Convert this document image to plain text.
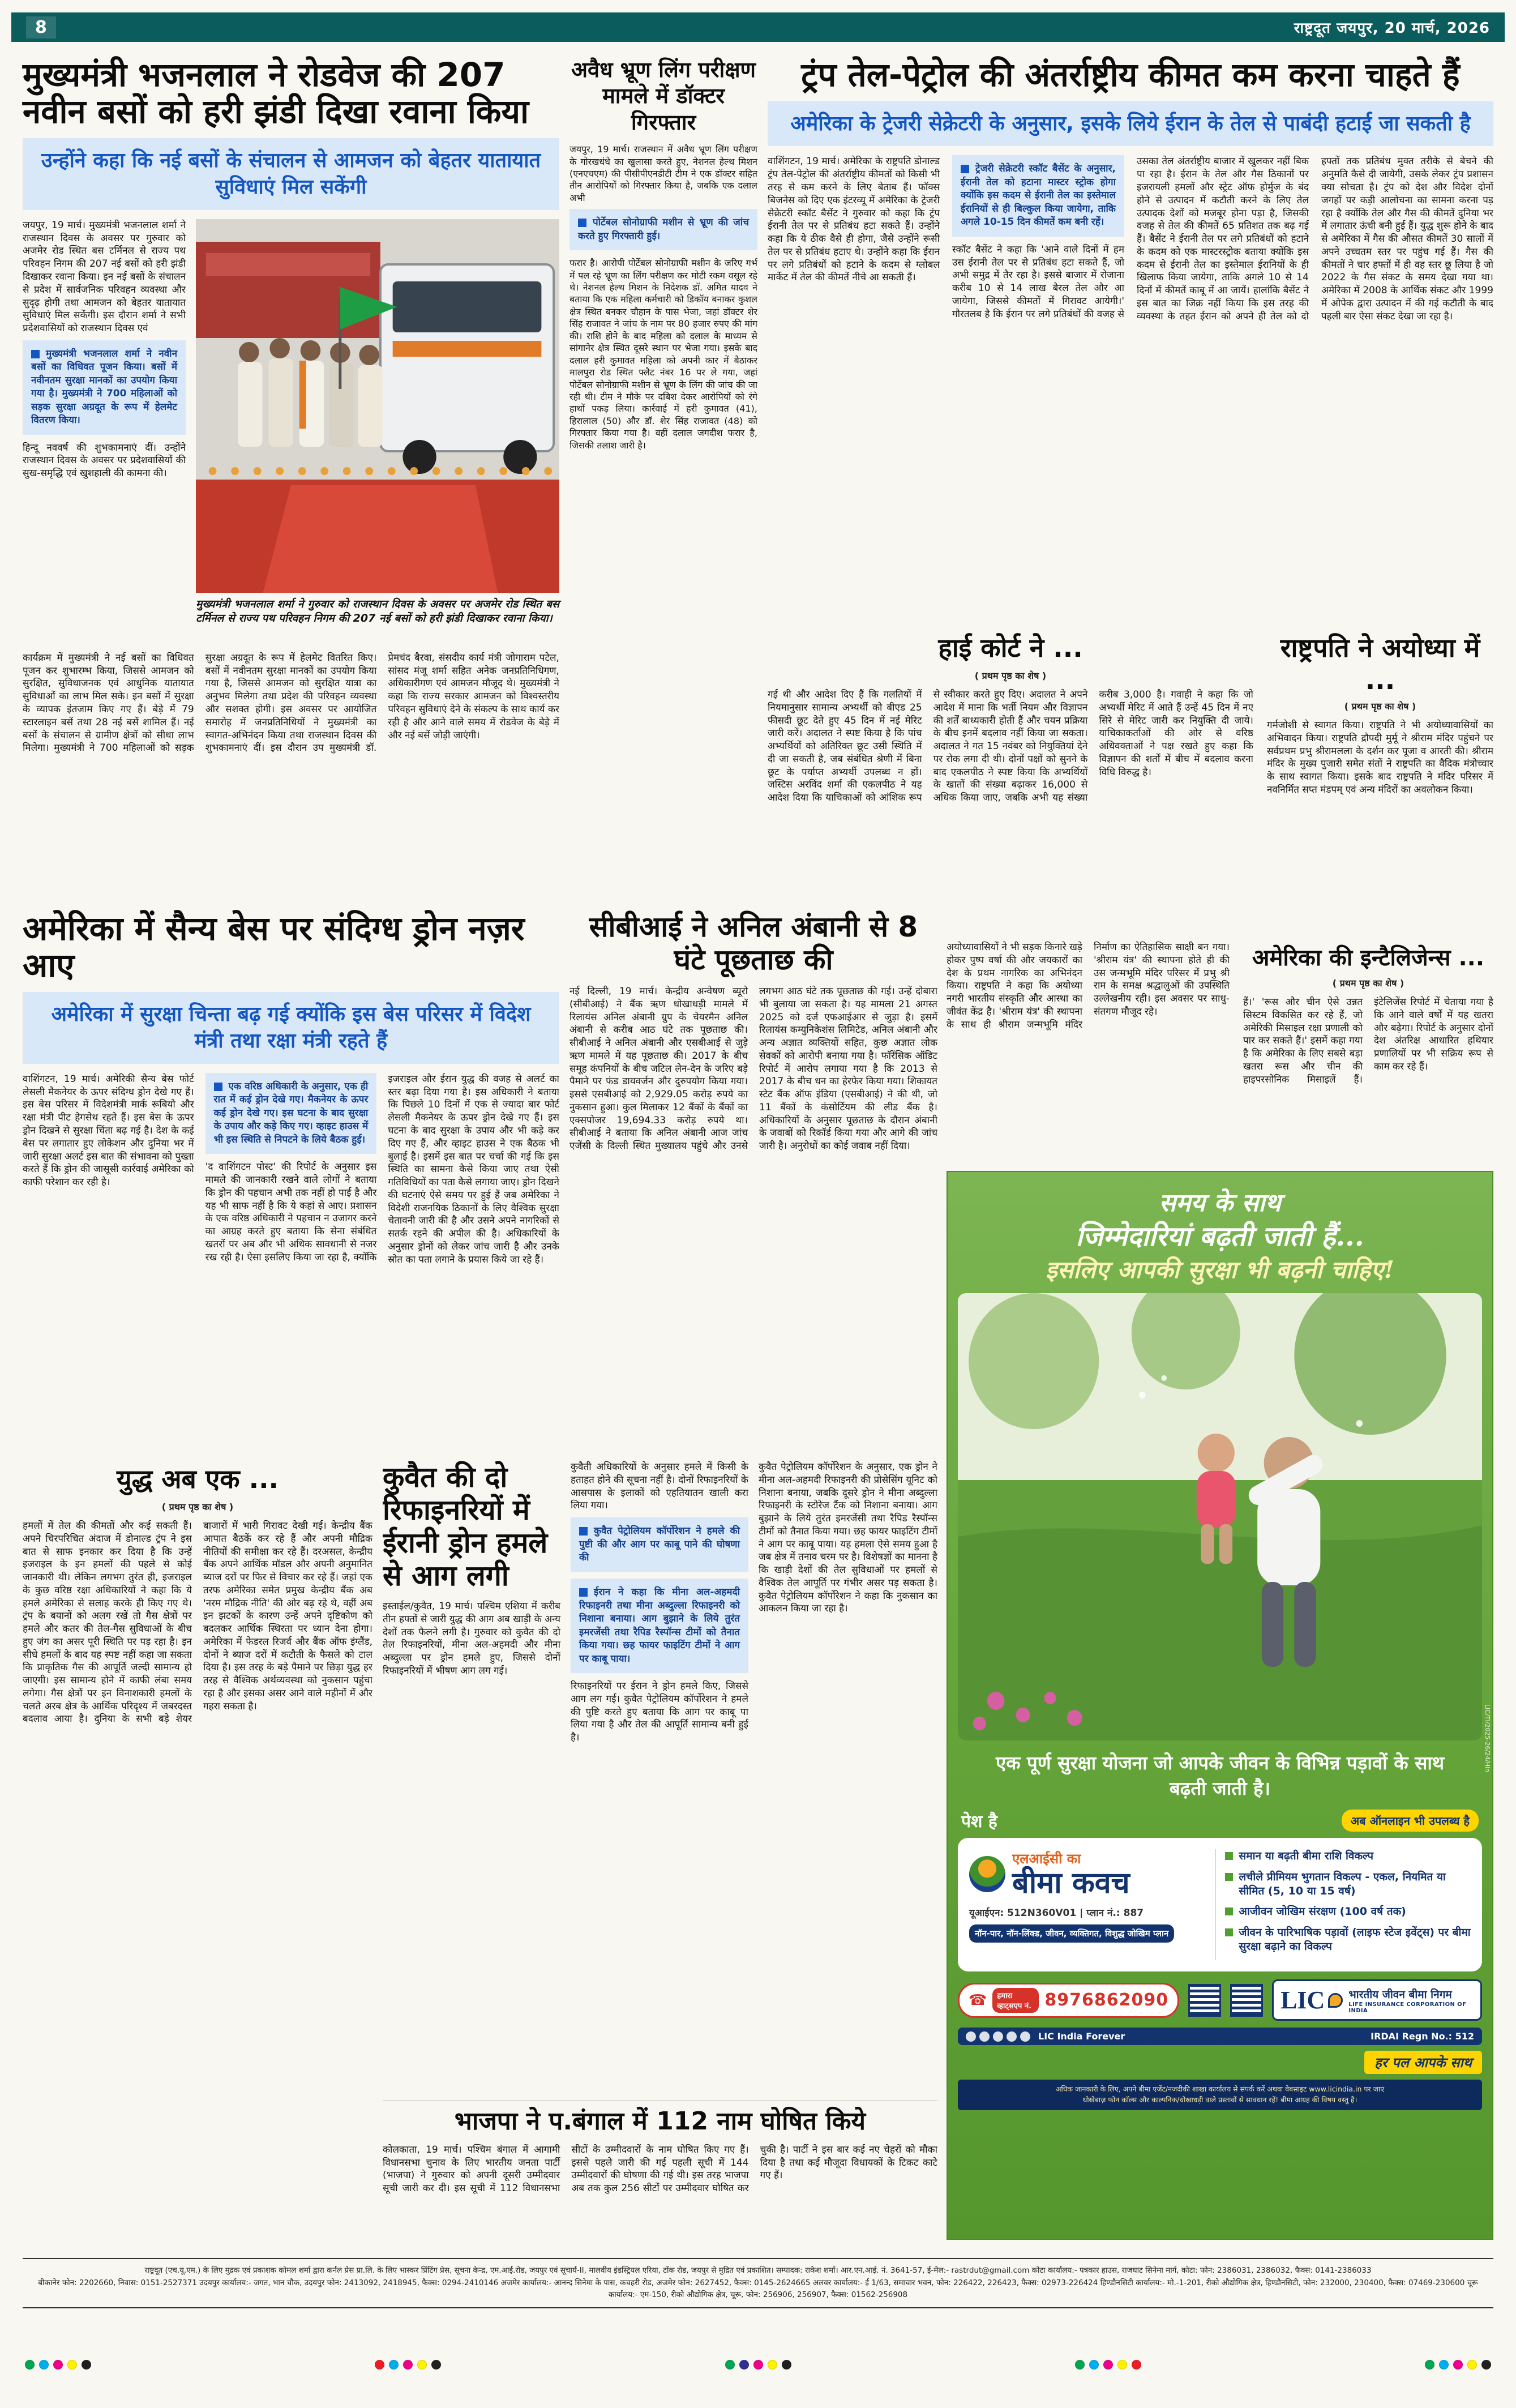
8	राष्ट्रदूत जयपुर, 20 मार्च, 2026
मुख्यमंत्री भजनलाल ने रोडवेज की 207 नवीन बसों को हरी झंडी दिखा रवाना किया
उन्होंने कहा कि नई बसों के संचालन से आमजन को बेहतर यातायात सुविधाएं मिल सकेंगी

जयपुर, 19 मार्च। मुख्यमंत्री भजनलाल शर्मा ने राजस्थान दिवस के अवसर पर गुरुवार को अजमेर रोड स्थित बस टर्मिनल से राज्य पथ परिवहन निगम की 207 नई बसों को हरी झंडी दिखाकर रवाना किया। इन नई बसों के संचालन से प्रदेश में सार्वजनिक परिवहन व्यवस्था और सुदृढ़ होगी तथा आमजन को बेहतर यातायात सुविधाएं मिल सकेंगी। इस दौरान शर्मा ने सभी प्रदेशवासियों को राजस्थान दिवस एवं

मुख्यमंत्री भजनलाल शर्मा ने नवीन बसों का विधिवत पूजन किया। बसों में नवीनतम सुरक्षा मानकों का उपयोग किया गया है। मुख्यमंत्री ने 700 महिलाओं को सड़क सुरक्षा अग्रदूत के रूप में हेलमेट वितरण किया।

हिन्दू नववर्ष की शुभकामनाएं दीं। उन्होंने राजस्थान दिवस के अवसर पर प्रदेशवासियों की सुख-समृद्धि एवं खुशहाली की कामना की।

मुख्यमंत्री भजनलाल शर्मा ने गुरुवार को राजस्थान दिवस के अवसर पर अजमेर रोड स्थित बस टर्मिनल से राज्य पथ परिवहन निगम की 207 नई बसों को हरी झंडी दिखाकर रवाना किया।
कार्यक्रम में मुख्यमंत्री ने नई बसों का विधिवत पूजन कर शुभारम्भ किया, जिससे आमजन को सुरक्षित, सुविधाजनक एवं आधुनिक यातायात सुविधाओं का लाभ मिल सके। इन बसों में सुरक्षा के व्यापक इंतजाम किए गए हैं। बेड़े में 79 स्टारलाइन बसें तथा 28 नई बसें शामिल हैं। नई बसों के संचालन से ग्रामीण क्षेत्रों को सीधा लाभ मिलेगा। मुख्यमंत्री ने 700 महिलाओं को सड़क सुरक्षा अग्रदूत के रूप में हेलमेट वितरित किए। बसों में नवीनतम सुरक्षा मानकों का उपयोग किया गया है, जिससे आमजन को सुरक्षित यात्रा का अनुभव मिलेगा तथा प्रदेश की परिवहन व्यवस्था और सशक्त होगी। इस अवसर पर आयोजित समारोह में जनप्रतिनिधियों ने मुख्यमंत्री का स्वागत-अभिनंदन किया तथा राजस्थान दिवस की शुभकामनाएं दीं। इस दौरान उप मुख्यमंत्री डॉ. प्रेमचंद बैरवा, संसदीय कार्य मंत्री जोगाराम पटेल, सांसद मंजू शर्मा सहित अनेक जनप्रतिनिधिगण, अधिकारीगण एवं आमजन मौजूद थे। मुख्यमंत्री ने कहा कि राज्य सरकार आमजन को विश्वस्तरीय परिवहन सुविधाएं देने के संकल्प के साथ कार्य कर रही है और आने वाले समय में रोडवेज के बेड़े में और नई बसें जोड़ी जाएंगी।
अवैध भ्रूण लिंग परीक्षण मामले में डॉक्टर गिरफ्तार

जयपुर, 19 मार्च। राजस्थान में अवैध भ्रूण लिंग परीक्षण के गोरखधंधे का खुलासा करते हुए, नेशनल हेल्थ मिशन (एनएचएम) की पीसीपीएनडीटी टीम ने एक डॉक्टर सहित तीन आरोपियों को गिरफ्तार किया है, जबकि एक दलाल अभी

पोर्टेबल सोनोग्राफी मशीन से भ्रूण की जांच करते हुए गिरफ्तारी हुई।

फरार है। आरोपी पोर्टेबल सोनोग्राफी मशीन के जरिए गर्भ में पल रहे भ्रूण का लिंग परीक्षण कर मोटी रकम वसूल रहे थे। नेशनल हेल्थ मिशन के निदेशक डॉ. अमित यादव ने बताया कि एक महिला कर्मचारी को डिकॉय बनाकर कुशल क्षेत्र स्थित बनकर चौहान के पास भेजा, जहां डॉक्टर शेर सिंह राजावत ने जांच के नाम पर 80 हजार रुपए की मांग की। राशि होने के बाद महिला को दलाल के माध्यम से सांगानेर क्षेत्र स्थित दूसरे स्थान पर भेजा गया। इसके बाद दलाल हरी कुमावत महिला को अपनी कार में बैठाकर मालपुरा रोड स्थित फ्लैट नंबर 16 पर ले गया, जहां पोर्टेबल सोनोग्राफी मशीन से भ्रूण के लिंग की जांच की जा रही थी। टीम ने मौके पर दबिश देकर आरोपियों को रंगे हाथों पकड़ लिया। कार्रवाई में हरी कुमावत (41), हिरालाल (50) और डॉ. शेर सिंह राजावत (48) को गिरफ्तार किया गया है। वहीं दलाल जगदीश फरार है, जिसकी तलाश जारी है।

ट्रंप तेल-पेट्रोल की अंतर्राष्ट्रीय कीमत कम करना चाहते हैं
अमेरिका के ट्रेजरी सेक्रेटरी के अनुसार, इसके लिये ईरान के तेल से पाबंदी हटाई जा सकती है

वाशिंगटन, 19 मार्च। अमेरिका के राष्ट्रपति डोनाल्ड ट्रंप तेल-पेट्रोल की अंतर्राष्ट्रीय कीमतों को किसी भी तरह से कम करने के लिए बेताब हैं। फॉक्स बिजनेस को दिए एक इंटरव्यू में अमेरिका के ट्रेजरी सेक्रेटरी स्कॉट बैसेंट ने गुरुवार को कहा कि ट्रंप ईरानी तेल पर से प्रतिबंध हटा सकते हैं। उन्होंने कहा कि ये ठीक वैसे ही होगा, जैसे उन्होंने रूसी तेल पर से प्रतिबंध हटाए थे। उन्होंने कहा कि ईरान पर लगे प्रतिबंधों को हटाने के कदम से ग्लोबल मार्केट में तेल की कीमतें नीचे आ सकती हैं।

ट्रेजरी सेक्रेटरी स्कॉट बैसेंट के अनुसार, ईरानी तेल को हटाना मास्टर स्ट्रोक होगा क्योंकि इस कदम से ईरानी तेल का इस्तेमाल ईरानियों से ही बिल्कुल किया जायेगा, ताकि अगले 10-15 दिन कीमतें कम बनी रहें।

स्कॉट बैसेंट ने कहा कि 'आने वाले दिनों में हम उस ईरानी तेल पर से प्रतिबंध हटा सकते हैं, जो अभी समुद्र में तैर रहा है। इससे बाजार में रोजाना करीब 10 से 14 लाख बैरल तेल और आ जायेगा, जिससे कीमतों में गिरावट आयेगी।' गौरतलब है कि ईरान पर लगे प्रतिबंधों की वजह से उसका तेल अंतर्राष्ट्रीय बाजार में खुलकर नहीं बिक पा रहा है। ईरान के तेल और गैस ठिकानों पर इजरायली हमलों और स्ट्रेट ऑफ होर्मुज के बंद होने से उत्पादन में कटौती करने के लिए तेल उत्पादक देशों को मजबूर होना पड़ा है, जिसकी वजह से तेल की कीमतें 65 प्रतिशत तक बढ़ गई हैं। बैसेंट ने ईरानी तेल पर लगे प्रतिबंधों को हटाने के कदम को एक मास्टरस्ट्रोक बताया क्योंकि इस कदम से ईरानी तेल का इस्तेमाल ईरानियों के ही खिलाफ किया जायेगा, ताकि अगले 10 से 14 दिनों में कीमतें काबू में आ जायें। हालांकि बैसेंट ने इस बात का जिक्र नहीं किया कि इस तरह की व्यवस्था के तहत ईरान को अपने ही तेल को दो हफ्तों तक प्रतिबंध मुक्त तरीके से बेचने की अनुमति कैसे दी जायेगी, उसके लेकर ट्रंप प्रशासन क्या सोचता है। ट्रंप को देश और विदेश दोनों जगहों पर कड़ी आलोचना का सामना करना पड़ रहा है क्योंकि तेल और गैस की कीमतें दुनिया भर में लगातार ऊंची बनी हुई हैं। युद्ध शुरू होने के बाद से अमेरिका में गैस की औसत कीमतें 30 सालों में अपने उच्चतम स्तर पर पहुंच गई हैं। गैस की कीमतों ने चार हफ्तों में ही वह स्तर छू लिया है जो 2022 के गैस संकट के समय देखा गया था। अमेरिका में 2008 के आर्थिक संकट और 1999 में ओपेक द्वारा उत्पादन में की गई कटौती के बाद पहली बार ऐसा संकट देखा जा रहा है।

हाई कोर्ट ने ...
( प्रथम पृष्ठ का शेष )
गई थी और आदेश दिए हैं कि गलतियों में नियमानुसार सामान्य अभ्यर्थी को बीएड 25 फीसदी छूट देते हुए 45 दिन में नई मेरिट जारी करें। अदालत ने स्पष्ट किया है कि पांच अभ्यर्थियों को अतिरिक्त छूट उसी स्थिति में दी जा सकती है, जब संबंधित श्रेणी में बिना छूट के पर्याप्त अभ्यर्थी उपलब्ध न हों। जस्टिस अरविंद शर्मा की एकलपीठ ने यह आदेश दिया कि याचिकाओं को आंशिक रूप से स्वीकार करते हुए दिए। अदालत ने अपने आदेश में माना कि भर्ती नियम और विज्ञापन की शर्तें बाध्यकारी होती हैं और चयन प्रक्रिया के बीच इनमें बदलाव नहीं किया जा सकता। अदालत ने गत 15 नवंबर को नियुक्तियां देने पर रोक लगा दी थी। दोनों पक्षों को सुनने के बाद एकलपीठ ने स्पष्ट किया कि अभ्यर्थियों के खातों की संख्या बढ़ाकर 16,000 से अधिक किया जाए, जबकि अभी यह संख्या करीब 3,000 है। गवाही ने कहा कि जो अभ्यर्थी मेरिट में आते हैं उन्हें 45 दिन में नए सिरे से मेरिट जारी कर नियुक्ति दी जाये। याचिकाकर्ताओं की ओर से वरिष्ठ अधिवक्ताओं ने पक्ष रखते हुए कहा कि विज्ञापन की शर्तों में बीच में बदलाव करना विधि विरुद्ध है।
राष्ट्रपति ने अयोध्या में ...
( प्रथम पृष्ठ का शेष )
गर्मजोशी से स्वागत किया। राष्ट्रपति ने भी अयोध्यावासियों का अभिवादन किया। राष्ट्रपति द्रौपदी मुर्मू ने श्रीराम मंदिर पहुंचने पर सर्वप्रथम प्रभु श्रीरामलला के दर्शन कर पूजा व आरती की। श्रीराम मंदिर के मुख्य पुजारी समेत संतों ने राष्ट्रपति का वैदिक मंत्रोच्चार के साथ स्वागत किया। इसके बाद राष्ट्रपति ने मंदिर परिसर में नवनिर्मित सप्त मंडपम् एवं अन्य मंदिरों का अवलोकन किया।
अयोध्यावासियों ने भी सड़क किनारे खड़े होकर पुष्प वर्षा की और जयकारों का देश के प्रथम नागरिक का अभिनंदन किया। राष्ट्रपति ने कहा कि अयोध्या नगरी भारतीय संस्कृति और आस्था का जीवंत केंद्र है। 'श्रीराम यंत्र' की स्थापना के साथ ही श्रीराम जन्मभूमि मंदिर निर्माण का ऐतिहासिक साक्षी बन गया। 'श्रीराम यंत्र' की स्थापना होते ही की उस जन्मभूमि मंदिर परिसर में प्रभु श्री राम के समक्ष श्रद्धालुओं की उपस्थिति उल्लेखनीय रही। इस अवसर पर साधु-संतगण मौजूद रहे।
अमेरिका की इन्टैलिजेन्स ...
( प्रथम पृष्ठ का शेष )
हैं।' 'रूस और चीन ऐसे उन्नत सिस्टम विकसित कर रहे हैं, जो अमेरिकी मिसाइल रक्षा प्रणाली को पार कर सकते हैं।' इसमें कहा गया है कि अमेरिका के लिए सबसे बड़ा खतरा रूस और चीन की हाइपरसोनिक मिसाइलें हैं। इंटेलिजेंस रिपोर्ट में चेताया गया है कि आने वाले वर्षों में यह खतरा और बढ़ेगा। रिपोर्ट के अनुसार दोनों देश अंतरिक्ष आधारित हथियार प्रणालियों पर भी सक्रिय रूप से काम कर रहे हैं।
अमेरिका में सैन्य बेस पर संदिग्ध ड्रोन नज़र आए
अमेरिका में सुरक्षा चिन्ता बढ़ गई क्योंकि इस बेस परिसर में विदेश मंत्री तथा रक्षा मंत्री रहते हैं

वाशिंगटन, 19 मार्च। अमेरिकी सैन्य बेस फोर्ट लेसली मैकनेयर के ऊपर संदिग्ध ड्रोन देखे गए हैं। इस बेस परिसर में विदेशमंत्री मार्क रूबियो और रक्षा मंत्री पीट हेगसेथ रहते हैं। इस बेस के ऊपर ड्रोन दिखने से सुरक्षा चिंता बढ़ गई है। देश के कई बेस पर लगातार हुए लोकेशन और दुनिया भर में जारी सुरक्षा अलर्ट इस बात की संभावना को पुख्ता करते हैं कि ड्रोन की जासूसी कार्रवाई अमेरिका को काफी परेशान कर रही है।

एक वरिष्ठ अधिकारी के अनुसार, एक ही रात में कई ड्रोन देखे गए। मैकनेयर के ऊपर कई ड्रोन देखे गए। इस घटना के बाद सुरक्षा के उपाय और कड़े किए गए। व्हाइट हाउस में भी इस स्थिति से निपटने के लिये बैठक हुई।

'द वाशिंगटन पोस्ट' की रिपोर्ट के अनुसार इस मामले की जानकारी रखने वाले लोगों ने बताया कि ड्रोन की पहचान अभी तक नहीं हो पाई है और यह भी साफ नहीं है कि ये कहां से आए। प्रशासन के एक वरिष्ठ अधिकारी ने पहचान न उजागर करने का आग्रह करते हुए बताया कि सेना संबंधित खतरों पर अब और भी अधिक सावधानी से नजर रख रही है। ऐसा इसलिए किया जा रहा है, क्योंकि इजराइल और ईरान युद्ध की वजह से अलर्ट का स्तर बढ़ा दिया गया है। इस अधिकारी ने बताया कि पिछले 10 दिनों में एक से ज्यादा बार फोर्ट लेसली मैकनेयर के ऊपर ड्रोन देखे गए हैं। इस घटना के बाद सुरक्षा के उपाय और भी कड़े कर दिए गए हैं, और व्हाइट हाउस ने एक बैठक भी बुलाई है। इसमें इस बात पर चर्चा की गई कि इस स्थिति का सामना कैसे किया जाए तथा ऐसी गतिविधियों का पता कैसे लगाया जाए। ड्रोन दिखने की घटनाएं ऐसे समय पर हुई हैं जब अमेरिका ने विदेशी राजनयिक ठिकानों के लिए वैश्विक सुरक्षा चेतावनी जारी की है और उसने अपने नागरिकों से सतर्क रहने की अपील की है। अधिकारियों के अनुसार ड्रोनों को लेकर जांच जारी है और उनके स्रोत का पता लगाने के प्रयास किये जा रहे हैं।

सीबीआई ने अनिल अंबानी से 8 घंटे पूछताछ की
नई दिल्ली, 19 मार्च। केन्द्रीय अन्वेषण ब्यूरो (सीबीआई) ने बैंक ऋण धोखाधड़ी मामले में रिलायंस अनिल अंबानी ग्रुप के चेयरमैन अनिल अंबानी से करीब आठ घंटे तक पूछताछ की। सीबीआई ने अनिल अंबानी और एसबीआई से जुड़े ऋण मामले में यह पूछताछ की। 2017 के बीच समूह कंपनियों के बीच जटिल लेन-देन के जरिए बड़े पैमाने पर फंड डायवर्जन और दुरुपयोग किया गया। इससे एसबीआई को 2,929.05 करोड़ रुपये का नुकसान हुआ। कुल मिलाकर 12 बैंकों के बैंकों का एक्सपोजर 19,694.33 करोड़ रुपये था। सीबीआई ने बताया कि अनिल अंबानी आज जांच एजेंसी के दिल्ली स्थित मुख्यालय पहुंचे और उनसे लगभग आठ घंटे तक पूछताछ की गई। उन्हें दोबारा भी बुलाया जा सकता है। यह मामला 21 अगस्त 2025 को दर्ज एफआईआर से जुड़ा है। इसमें रिलायंस कम्युनिकेशंस लिमिटेड, अनिल अंबानी और अन्य अज्ञात व्यक्तियों सहित, कुछ अज्ञात लोक सेवकों को आरोपी बनाया गया है। फॉरेंसिक ऑडिट रिपोर्ट में आरोप लगाया गया है कि 2013 से 2017 के बीच धन का हेरफेर किया गया। शिकायत स्टेट बैंक ऑफ इंडिया (एसबीआई) ने की थी, जो 11 बैंकों के कंसोर्टियम की लीड बैंक है। अधिकारियों के अनुसार पूछताछ के दौरान अंबानी के जवाबों को रिकॉर्ड किया गया और आगे की जांच जारी है। अनुरोधों का कोई जवाब नहीं दिया।
युद्ध अब एक ...
( प्रथम पृष्ठ का शेष )
हमलों में तेल की कीमतों और कई सकती हैं। अपने चिरपरिचित अंदाज में डोनाल्ड ट्रंप ने इस बात से साफ इनकार कर दिया है कि उन्हें इजराइल के इन हमलों की पहले से कोई जानकारी थी। लेकिन लगभग तुरंत ही, इजराइल के कुछ वरिष्ठ रक्षा अधिकारियों ने कहा कि ये हमले अमेरिका से सलाह करके ही किए गए थे। ट्रंप के बयानों को अलग रखें तो गैस क्षेत्रों पर हमले और कतर की तेल-गैस सुविधाओं के बीच हुए जंग का असर पूरी स्थिति पर पड़ रहा है। इन सीधे हमलों के बाद यह स्पष्ट नहीं कहा जा सकता कि प्राकृतिक गैस की आपूर्ति जल्दी सामान्य हो जाएगी। इस सामान्य होने में काफी लंबा समय लगेगा। गैस क्षेत्रों पर इन विनाशकारी हमलों के चलते अरब क्षेत्र के आर्थिक परिदृश्य में जबरदस्त बदलाव आया है। दुनिया के सभी बड़े शेयर बाजारों में भारी गिरावट देखी गई। केन्द्रीय बैंक आपात बैठकें कर रहे हैं और अपनी मौद्रिक नीतियों की समीक्षा कर रहे हैं। दरअसल, केन्द्रीय बैंक अपने आर्थिक मॉडल और अपनी अनुमानित ब्याज दरों पर फिर से विचार कर रहे हैं। जहां एक तरफ अमेरिका समेत प्रमुख केन्द्रीय बैंक अब 'नरम मौद्रिक नीति' की ओर बढ़ रहे थे, वहीं अब इन झटकों के कारण उन्हें अपने दृष्टिकोण को बदलकर आर्थिक स्थिरता पर ध्यान देना होगा। अमेरिका में फेडरल रिजर्व और बैंक ऑफ इंग्लैंड, दोनों ने ब्याज दरों में कटौती के फैसले को टाल दिया है। इस तरह के बड़े पैमाने पर छिड़ा युद्ध हर तरह से वैश्विक अर्थव्यवस्था को नुकसान पहुंचा रहा है और इसका असर आने वाले महीनों में और गहरा सकता है।
कुवैत की दो रिफाइनरियों में ईरानी ड्रोन हमले से आग लगी

इस्ताईल/कुवैत, 19 मार्च। पश्चिम एशिया में करीब तीन हफ्तों से जारी युद्ध की आग अब खाड़ी के अन्य देशों तक फैलने लगी है। गुरुवार को कुवैत की दो तेल रिफाइनरियों, मीना अल-अहमदी और मीना अब्दुल्ला पर ड्रोन हमले हुए, जिससे दोनों रिफाइनरियों में भीषण आग लग गई।

कुवैती अधिकारियों के अनुसार हमले में किसी के हताहत होने की सूचना नहीं है। दोनों रिफाइनरियों के आसपास के इलाकों को एहतियातन खाली करा लिया गया।

कुवैत पेट्रोलियम कॉर्पोरेशन ने हमले की पुष्टी की और आग पर काबू पाने की घोषणा की
ईरान ने कहा कि मीना अल-अहमदी रिफाइनरी तथा मीना अब्दुल्ला रिफाइनरी को निशाना बनाया। आग बुझाने के लिये तुरंत इमरजेंसी तथा रैपिड रैस्पॉन्स टीमों को तैनात किया गया। छह फायर फाइटिंग टीमों ने आग पर काबू पाया।

रिफाइनरियों पर ईरान ने ड्रोन हमले किए, जिससे आग लग गई। कुवैत पेट्रोलियम कॉर्पोरेशन ने हमले की पुष्टि करते हुए बताया कि आग पर काबू पा लिया गया है और तेल की आपूर्ति सामान्य बनी हुई है।

कुवैत पेट्रोलियम कॉर्पोरेशन के अनुसार, एक ड्रोन ने मीना अल-अहमदी रिफाइनरी की प्रोसेसिंग यूनिट को निशाना बनाया, जबकि दूसरे ड्रोन ने मीना अब्दुल्ला रिफाइनरी के स्टोरेज टैंक को निशाना बनाया। आग बुझाने के लिये तुरंत इमरजेंसी तथा रैपिड रैस्पॉन्स टीमों को तैनात किया गया। छह फायर फाइटिंग टीमों ने आग पर काबू पाया। यह हमला ऐसे समय हुआ है जब क्षेत्र में तनाव चरम पर है। विशेषज्ञों का मानना है कि खाड़ी देशों की तेल सुविधाओं पर हमलों से वैश्विक तेल आपूर्ति पर गंभीर असर पड़ सकता है। कुवैत पेट्रोलियम कॉर्पोरेशन ने कहा कि नुकसान का आकलन किया जा रहा है।

भाजपा ने प.बंगाल में 112 नाम घोषित किये
कोलकाता, 19 मार्च। पश्चिम बंगाल में आगामी विधानसभा चुनाव के लिए भारतीय जनता पार्टी (भाजपा) ने गुरुवार को अपनी दूसरी उम्मीदवार सूची जारी कर दी। इस सूची में 112 विधानसभा सीटों के उम्मीदवारों के नाम घोषित किए गए हैं। इससे पहले जारी की गई पहली सूची में 144 उम्मीदवारों की घोषणा की गई थी। इस तरह भाजपा अब तक कुल 256 सीटों पर उम्मीदवार घोषित कर चुकी है। पार्टी ने इस बार कई नए चेहरों को मौका दिया है तथा कई मौजूदा विधायकों के टिकट काटे गए हैं।
LIC/TI/2025-26/24/Hin
समय के साथ
जिम्मेदारियां बढ़ती जाती हैं...
इसलिए आपकी सुरक्षा भी बढ़नी चाहिए!
एक पूर्ण सुरक्षा योजना जो आपके जीवन के विभिन्न पड़ावों के साथ बढ़ती जाती है।
पेश है	अब ऑनलाइन भी उपलब्ध है
एलआईसी का
बीमा कवच
यूआईएन: 512N360V01 | प्लान नं.: 887
नॉन-पार, नॉन-लिंक्ड, जीवन, व्यक्तिगत, विशुद्ध जोखिम प्लान
समान या बढ़ती बीमा राशि विकल्प
लचीले प्रीमियम भुगतान विकल्प - एकल, नियमित या सीमित (5, 10 या 15 वर्ष)
आजीवन जोखिम संरक्षण (100 वर्ष तक)
जीवन के पारिभाषिक पड़ावों (लाइफ स्टेज इवेंट्स) पर बीमा सुरक्षा बढ़ाने का विकल्प
☎	हमारा व्हाट्सएप नं. 8976862090	LIC भारतीय जीवन बीमा निगम
LIFE INSURANCE CORPORATION OF INDIA
LIC India Forever	IRDAI Regn No.: 512
हर पल आपके साथ
अधिक जानकारी के लिए, अपने बीमा एजेंट/नजदीकी शाखा कार्यालय से संपर्क करें अथवा वेबसाइट www.licindia.in पर जाएं
धोखेबाज़ फोन कॉल्स और काल्पनिक/धोखाधड़ी वाले प्रस्तावों से सावधान रहें! बीमा आग्रह की विषय वस्तु है।
राष्ट्रदूत (एच.यू.एम.) के लिए मुद्रक एवं प्रकाशक कोमल शर्मा द्वारा कर्नल प्रेस प्रा.लि. के लिए भास्कर प्रिंटिंग प्रेस, सूचना केन्द्र, एम.आई.रोड, जयपुर एवं सूचार्य-II, मालवीय इंडस्ट्रियल एरिया, टोंक रोड, जयपुर से मुद्रित एवं प्रकाशित। सम्पादक: राकेश शर्मा। आर.एन.आई. नं. 3641-57, ई-मेल:- rastrdut@gmail.com कोटा कार्यालय:- पत्रकार हाउस, राजघाट सिनेमा मार्ग, कोटा: फोन: 2386031, 2386032, फैक्स: 0141-2386033
बीकानेर फोन: 2202660, निवास: 0151-2527371 उदयपुर कार्यालय:- जगत, भान चौक, उदयपुर फोन: 2413092, 2418945, फैक्स: 0294-2410146 अजमेर कार्यालय:- आनन्द सिनेमा के पास, कचहरी रोड, अजमेर फोन: 2627452, फैक्स: 0145-2624665 अलवर कार्यालय:- ई 1/63, समाचार भवन, फोन: 226422, 226423, फैक्स: 02973-226424 हिण्डौनसिटी कार्यालय:- मो.-1-201, रीको औद्योगिक क्षेत्र, हिण्डौनसिटी, फोन: 232000, 230400, फैक्स: 07469-230600 चूरू कार्यालय:- एम-150, रीको औद्योगिक क्षेत्र, चूरू, फोन: 256906, 256907, फैक्स: 01562-256908
